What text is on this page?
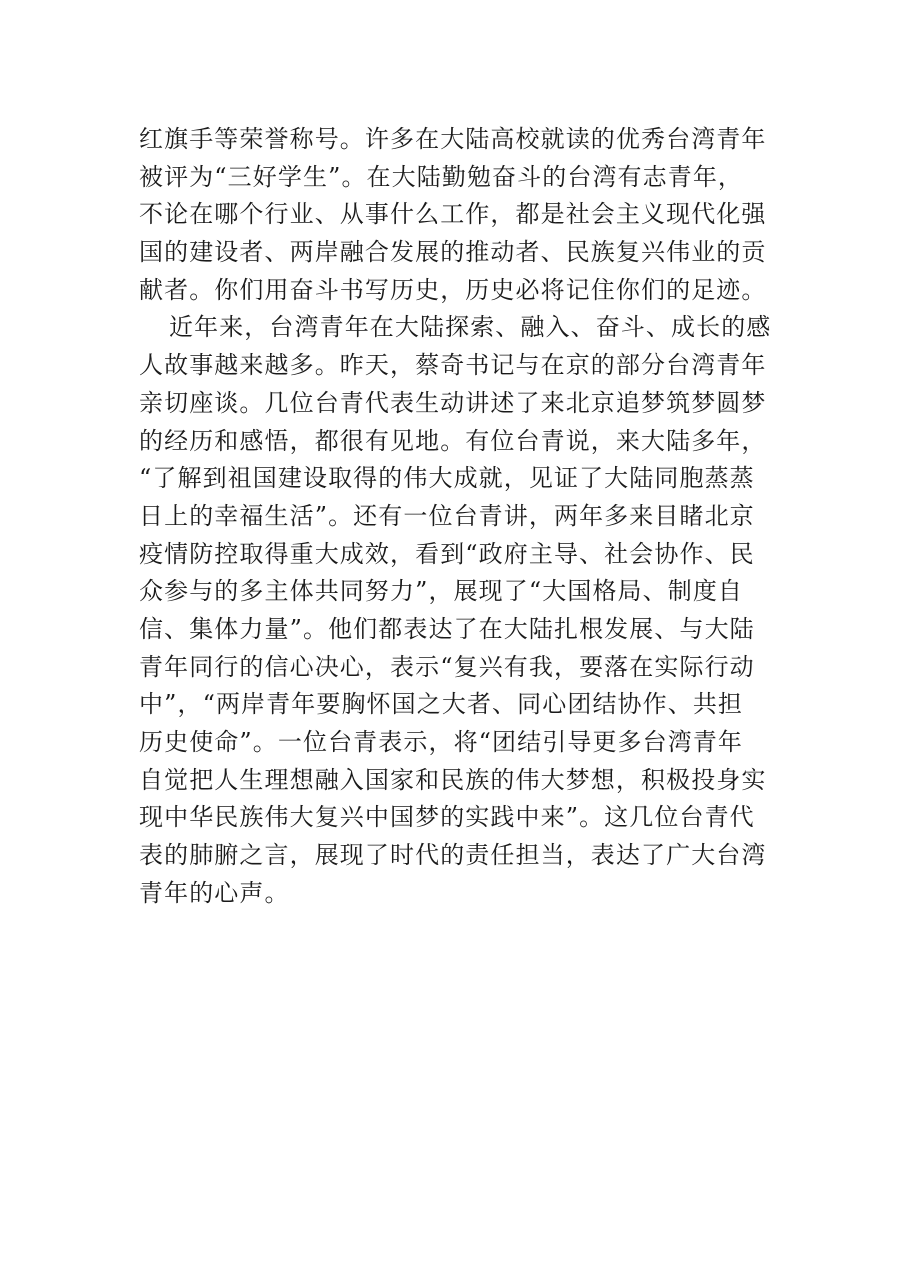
红旗手等荣誉称号。许多在大陆高校就读的优秀台湾青年
被评为“三好学生”。在大陆勤勉奋斗的台湾有志青年，
不论在哪个行业、从事什么工作，都是社会主义现代化强
国的建设者、两岸融合发展的推动者、民族复兴伟业的贡
献者。你们用奋斗书写历史，历史必将记住你们的足迹。
近年来，台湾青年在大陆探索、融入、奋斗、成长的感
人故事越来越多。昨天，蔡奇书记与在京的部分台湾青年
亲切座谈。几位台青代表生动讲述了来北京追梦筑梦圆梦
的经历和感悟，都很有见地。有位台青说，来大陆多年，
“了解到祖国建设取得的伟大成就，见证了大陆同胞蒸蒸
日上的幸福生活”。还有一位台青讲，两年多来目睹北京
疫情防控取得重大成效，看到“政府主导、社会协作、民
众参与的多主体共同努力”，展现了“大国格局、制度自
信、集体力量”。他们都表达了在大陆扎根发展、与大陆
青年同行的信心决心，表示“复兴有我，要落在实际行动
中”，“两岸青年要胸怀国之大者、同心团结协作、共担
历史使命”。一位台青表示，将“团结引导更多台湾青年
自觉把人生理想融入国家和民族的伟大梦想，积极投身实
现中华民族伟大复兴中国梦的实践中来”。这几位台青代
表的肺腑之言，展现了时代的责任担当，表达了广大台湾
青年的心声。
